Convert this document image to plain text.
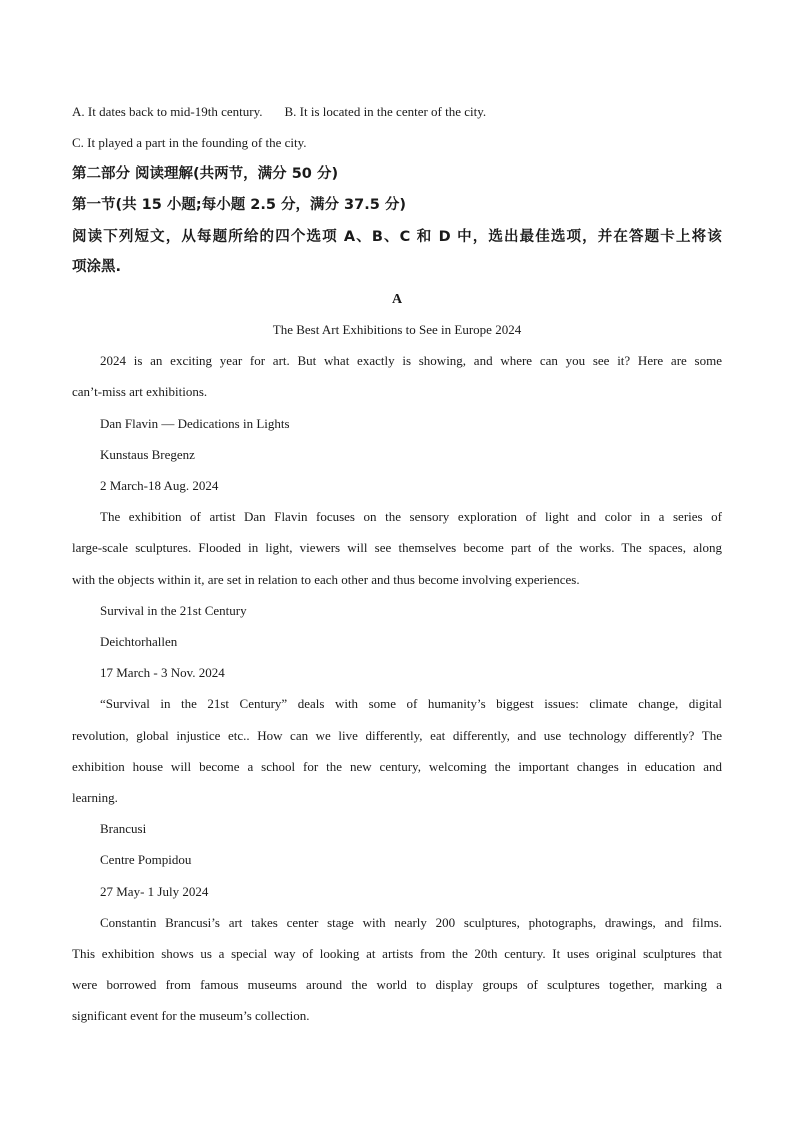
A. It dates back to mid-19th century. B. It is located in the center of the city.

C. It played a part in the founding of the city.

第二部分 阅读理解(共两节，满分 50 分)

第一节(共 15 小题;每小题 2.5 分，满分 37.5 分)

阅读下列短文，从每题所给的四个选项 A、B、C 和 D 中，选出最佳选项，并在答题卡上将该

项涂黑.

A

The Best Art Exhibitions to See in Europe 2024

2024 is an exciting year for art. But what exactly is showing, and where can you see it? Here are some

can’t-miss art exhibitions.

Dan Flavin — Dedications in Lights

Kunstaus Bregenz

2 March-18 Aug. 2024

The exhibition of artist Dan Flavin focuses on the sensory exploration of light and color in a series of

large-scale sculptures. Flooded in light, viewers will see themselves become part of the works. The spaces, along

with the objects within it, are set in relation to each other and thus become involving experiences.

Survival in the 21st Century

Deichtorhallen

17 March - 3 Nov. 2024

“Survival in the 21st Century” deals with some of humanity’s biggest issues: climate change, digital

revolution, global injustice etc.. How can we live differently, eat differently, and use technology differently? The

exhibition house will become a school for the new century, welcoming the important changes in education and

learning.

Brancusi

Centre Pompidou

27 May- 1 July 2024

Constantin Brancusi’s art takes center stage with nearly 200 sculptures, photographs, drawings, and films.

This exhibition shows us a special way of looking at artists from the 20th century. It uses original sculptures that

were borrowed from famous museums around the world to display groups of sculptures together, marking a

significant event for the museum’s collection.
